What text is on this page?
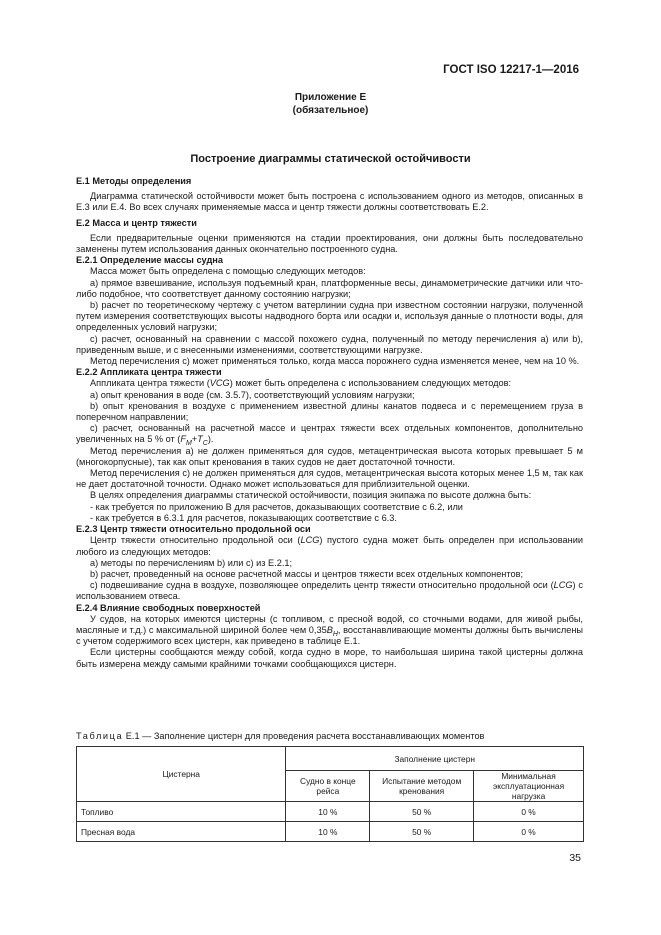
ГОСТ ISO 12217-1—2016
Приложение Е
(обязательное)
Построение диаграммы статической остойчивости

Е.1 Методы определения

Диаграмма статической остойчивости может быть построена с использованием одного из методов, описанных в Е.3 или Е.4. Во всех случаях применяемые масса и центр тяжести должны соответствовать Е.2.

Е.2 Масса и центр тяжести

Если предварительные оценки применяются на стадии проектирования, они должны быть последовательно заменены путем использования данных окончательно построенного судна.

Е.2.1 Определение массы судна

Масса может быть определена с помощью следующих методов:

a) прямое взвешивание, используя подъемный кран, платформенные весы, динамометрические датчики или что-либо подобное, что соответствует данному состоянию нагрузки;

b) расчет по теоретическому чертежу с учетом ватерлинии судна при известном состоянии нагрузки, полученной путем измерения соответствующих высоты надводного борта или осадки и, используя данные о плотности воды, для определенных условий нагрузки;

c) расчет, основанный на сравнении с массой похожего судна, полученный по методу перечисления а) или b), приведенным выше, и с внесенными изменениями, соответствующими нагрузке.

Метод перечисления с) может применяться только, когда масса порожнего судна изменяется менее, чем на 10 %.

Е.2.2 Аппликата центра тяжести

Аппликата центра тяжести (VCG) может быть определена с использованием следующих методов:

a) опыт кренования в воде (см. 3.5.7), соответствующий условиям нагрузки;

b) опыт кренования в воздухе с применением известной длины канатов подвеса и с перемещением груза в поперечном направлении;

c) расчет, основанный на расчетной массе и центрах тяжести всех отдельных компонентов, дополнительно увеличенных на 5 % от $(F_M+T_C)$.

Метод перечисления а) не должен применяться для судов, метацентрическая высота которых превышает 5 м (многокорпусные), так как опыт кренования в таких судов не дает достаточной точности.

Метод перечисления с) не должен применяться для судов, метацентрическая высота которых менее 1,5 м, так как не дает достаточной точности. Однако может использоваться для приблизительной оценки.

В целях определения диаграммы статической остойчивости, позиция экипажа по высоте должна быть:

- как требуется по приложению В для расчетов, доказывающих соответствие с 6.2, или

- как требуется в 6.3.1 для расчетов, показывающих соответствие с 6.3.

Е.2.3 Центр тяжести относительно продольной оси

Центр тяжести относительно продольной оси (LCG) пустого судна может быть определен при использовании любого из следующих методов:

a) методы по перечислениям b) или с) из Е.2.1;

b) расчет, проведенный на основе расчетной массы и центров тяжести всех отдельных компонентов;

c) подвешивание судна в воздухе, позволяющее определить центр тяжести относительно продольной оси (LCG) с использованием отвеса.

Е.2.4 Влияние свободных поверхностей

У судов, на которых имеются цистерны (с топливом, с пресной водой, со сточными водами, для живой рыбы, масляные и т.д.) с максимальной шириной более чем $0,35B_H$, восстанавливающие моменты должны быть вычислены с учетом содержимого всех цистерн, как приведено в таблице Е.1.

Если цистерны сообщаются между собой, когда судно в море, то наибольшая ширина такой цистерны должна быть измерена между самыми крайними точками сообщающихся цистерн.

Таблица Е.1 — Заполнение цистерн для проведения расчета восстанавливающих моментов
Цистерна	Заполнение цистерн		
	Судно в конце рейса	Испытание методом кренования	Минимальная эксплуатационная нагрузка
Топливо	10 %	50 %	0 %
Пресная вода	10 %	50 %	0 %
35
